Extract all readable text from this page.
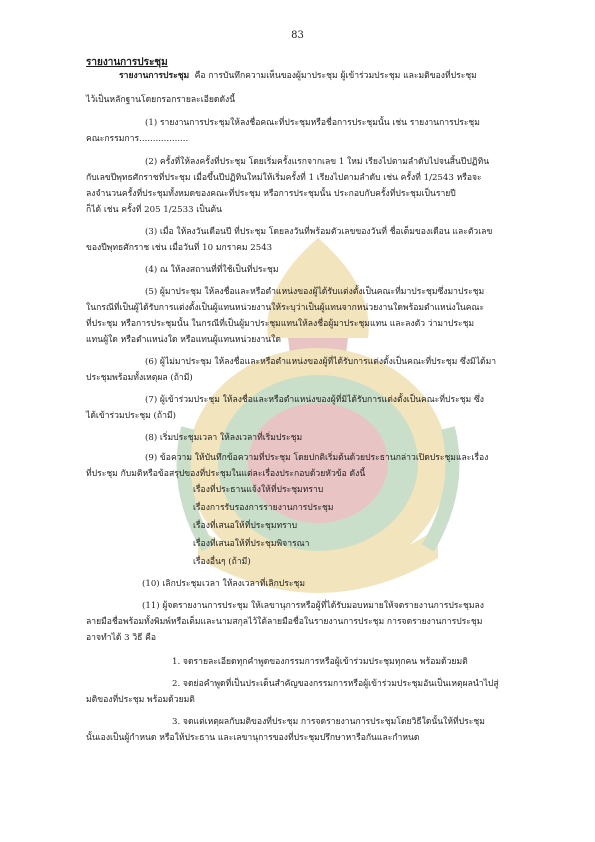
83
รายงานการประชุม
รายงานการประชุม คือ การบันทึกความเห็นของผู้มาประชุม ผู้เข้าร่วมประชุม และมติของที่ประชุม
ไว้เป็นหลักฐานโดยกรอกรายละเอียดดังนี้
(1) รายงานการประชุมให้ลงชื่อคณะที่ประชุมหรือชื่อการประชุมนั้น เช่น รายงานการประชุม
คณะกรรมการ..................
(2) ครั้งที่ให้ลงครั้งที่ประชุม โดยเริ่มครั้งแรกจากเลข 1 ใหม่ เรียงไปตามลำดับไปจนสิ้นปีปฏิทิน
กับเลขปีพุทธศักราชที่ประชุม เมื่อขึ้นปีปฏิทินใหม่ให้เริ่มครั้งที่ 1 เรียงไปตามลำดับ เช่น ครั้งที่ 1/2543 หรือจะ
ลงจำนวนครั้งที่ประชุมทั้งหมดของคณะที่ประชุม หรือการประชุมนั้น ประกอบกับครั้งที่ประชุมเป็นรายปี
ก็ได้ เช่น ครั้งที่ 205 1/2533 เป็นต้น
(3) เมื่อ ให้ลงวันเดือนปี ที่ประชุม โดยลงวันที่พร้อมตัวเลขของวันที่ ชื่อเต็มของเดือน และตัวเลข
ของปีพุทธศักราช เช่น เมื่อวันที่ 10 มกราคม 2543
(4) ณ ให้ลงสถานที่ที่ใช้เป็นที่ประชุม
(5) ผู้มาประชุม ให้ลงชื่อและหรือตำแหน่งของผู้ได้รับแต่งตั้งเป็นคณะที่มาประชุมซึ่งมาประชุม
ในกรณีที่เป็นผู้ได้รับการแต่งตั้งเป็นผู้แทนหน่วยงานให้ระบุว่าเป็นผู้แทนจากหน่วยงานใดพร้อมตำแหน่งในคณะ
ที่ประชุม หรือการประชุมนั้น ในกรณีที่เป็นผู้มาประชุมแทนให้ลงชื่อผู้มาประชุมแทน และลงตัว ว่ามาประชุม
แทนผู้ใด หรือตำแหน่งใด หรือแทนผู้แทนหน่วยงานใด
(6) ผู้ไม่มาประชุม ให้ลงชื่อและหรือตำแหน่งของผู้ที่ได้รับการแต่งตั้งเป็นคณะที่ประชุม ซึ่งมิได้มา
ประชุมพร้อมทั้งเหตุผล (ถ้ามี)
(7) ผู้เข้าร่วมประชุม ให้ลงชื่อและหรือตำแหน่งของผู้ที่มิได้รับการแต่งตั้งเป็นคณะที่ประชุม ซึ่ง
ได้เข้าร่วมประชุม (ถ้ามี)
(8) เริ่มประชุมเวลา ให้ลงเวลาที่เริ่มประชุม
(9) ข้อความ ให้บันทึกข้อความที่ประชุม โดยปกติเริ่มต้นด้วยประธานกล่าวเปิดประชุมและเรื่อง
ที่ประชุม กับมติหรือข้อสรุปของที่ประชุมในแต่ละเรื่องประกอบด้วยหัวข้อ ดังนี้
เรื่องที่ประธานแจ้งให้ที่ประชุมทราบ
เรื่องการรับรองการรายงานการประชุม
เรื่องที่เสนอให้ที่ประชุมทราบ
เรื่องที่เสนอให้ที่ประชุมพิจารณา
เรื่องอื่นๆ (ถ้ามี)
(10) เลิกประชุมเวลา ให้ลงเวลาที่เลิกประชุม
(11) ผู้จดรายงานการประชุม ให้เลขานุการหรือผู้ที่ได้รับมอบหมายให้จดรายงานการประชุมลง
ลายมือชื่อพร้อมทั้งพิมพ์หรือเต็มและนามสกุลไว้ใต้ลายมือชื่อในรายงานการประชุม การจดรายงานการประชุม
อาจทำได้ 3 วิธี คือ
1. จดรายละเอียดทุกคำพูดของกรรมการหรือผู้เข้าร่วมประชุมทุกคน พร้อมด้วยมติ
2. จดย่อคำพูดที่เป็นประเด็นสำคัญของกรรมการหรือผู้เข้าร่วมประชุมอันเป็นเหตุผลนำไปสู่
มติของที่ประชุม พร้อมด้วยมติ
3. จดแต่เหตุผลกับมติของที่ประชุม การจดรายงานการประชุมโดยวิธีใดนั้นให้ที่ประชุม
นั้นเองเป็นผู้กำหนด หรือให้ประธาน และเลขานุการของที่ประชุมปรึกษาหารือกันและกำหนด
